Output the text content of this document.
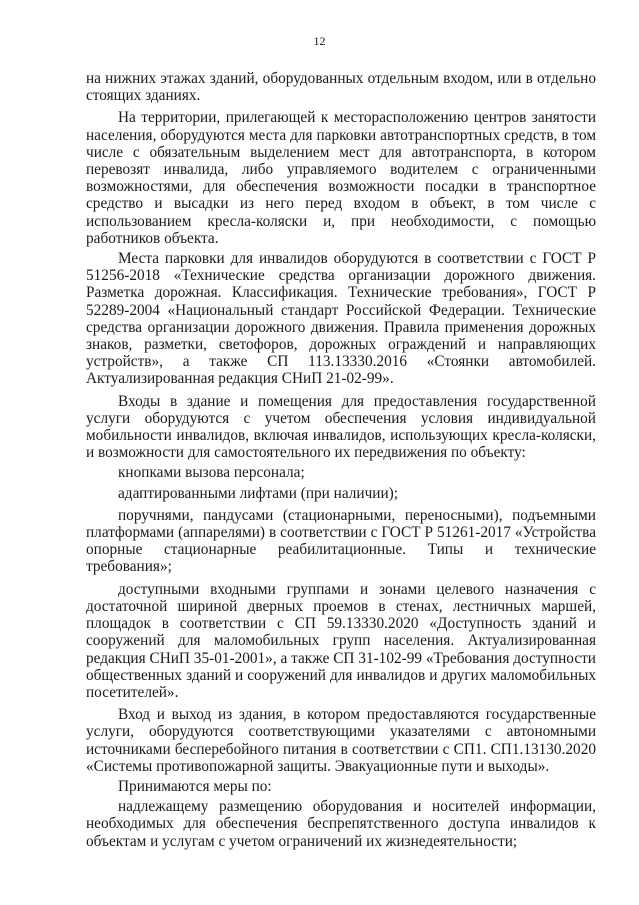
12

на нижних этажах зданий, оборудованных отдельным входом, или в отдельно стоящих зданиях.

На территории, прилегающей к месторасположению центров занятости населения, оборудуются места для парковки автотранспортных средств, в том числе с обязательным выделением мест для автотранспорта, в котором перевозят инвалида, либо управляемого водителем с ограниченными возможностями, для обеспечения возможности посадки в транспортное средство и высадки из него перед входом в объект, в том числе с использованием кресла-коляски и, при необходимости, с помощью работников объекта.

Места парковки для инвалидов оборудуются в соответствии с ГОСТ Р 51256-2018 «Технические средства организации дорожного движения. Разметка дорожная. Классификация. Технические требования», ГОСТ Р 52289-2004 «Национальный стандарт Российской Федерации. Технические средства организации дорожного движения. Правила применения дорожных знаков, разметки, светофоров, дорожных ограждений и направляющих устройств», а также СП 113.13330.2016 «Стоянки автомобилей. Актуализированная редакция СНиП 21-02-99».

Входы в здание и помещения для предоставления государственной услуги оборудуются с учетом обеспечения условия индивидуальной мобильности инвалидов, включая инвалидов, использующих кресла-коляски, и возможности для самостоятельного их передвижения по объекту:

кнопками вызова персонала;

адаптированными лифтами (при наличии);

поручнями, пандусами (стационарными, переносными), подъемными платформами (аппарелями) в соответствии с ГОСТ Р 51261-2017 «Устройства опорные стационарные реабилитационные. Типы и технические требования»;

доступными входными группами и зонами целевого назначения с достаточной шириной дверных проемов в стенах, лестничных маршей, площадок в соответствии с СП 59.13330.2020 «Доступность зданий и сооружений для маломобильных групп населения. Актуализированная редакция СНиП 35-01-2001», а также СП 31-102-99 «Требования доступности общественных зданий и сооружений для инвалидов и других маломобильных посетителей».

Вход и выход из здания, в котором предоставляются государственные услуги, оборудуются соответствующими указателями с автономными источниками бесперебойного питания в соответствии с СП1. СП1.13130.2020 «Системы противопожарной защиты. Эвакуационные пути и выходы».

Принимаются меры по:

надлежащему размещению оборудования и носителей информации, необходимых для обеспечения беспрепятственного доступа инвалидов к объектам и услугам с учетом ограничений их жизнедеятельности;
